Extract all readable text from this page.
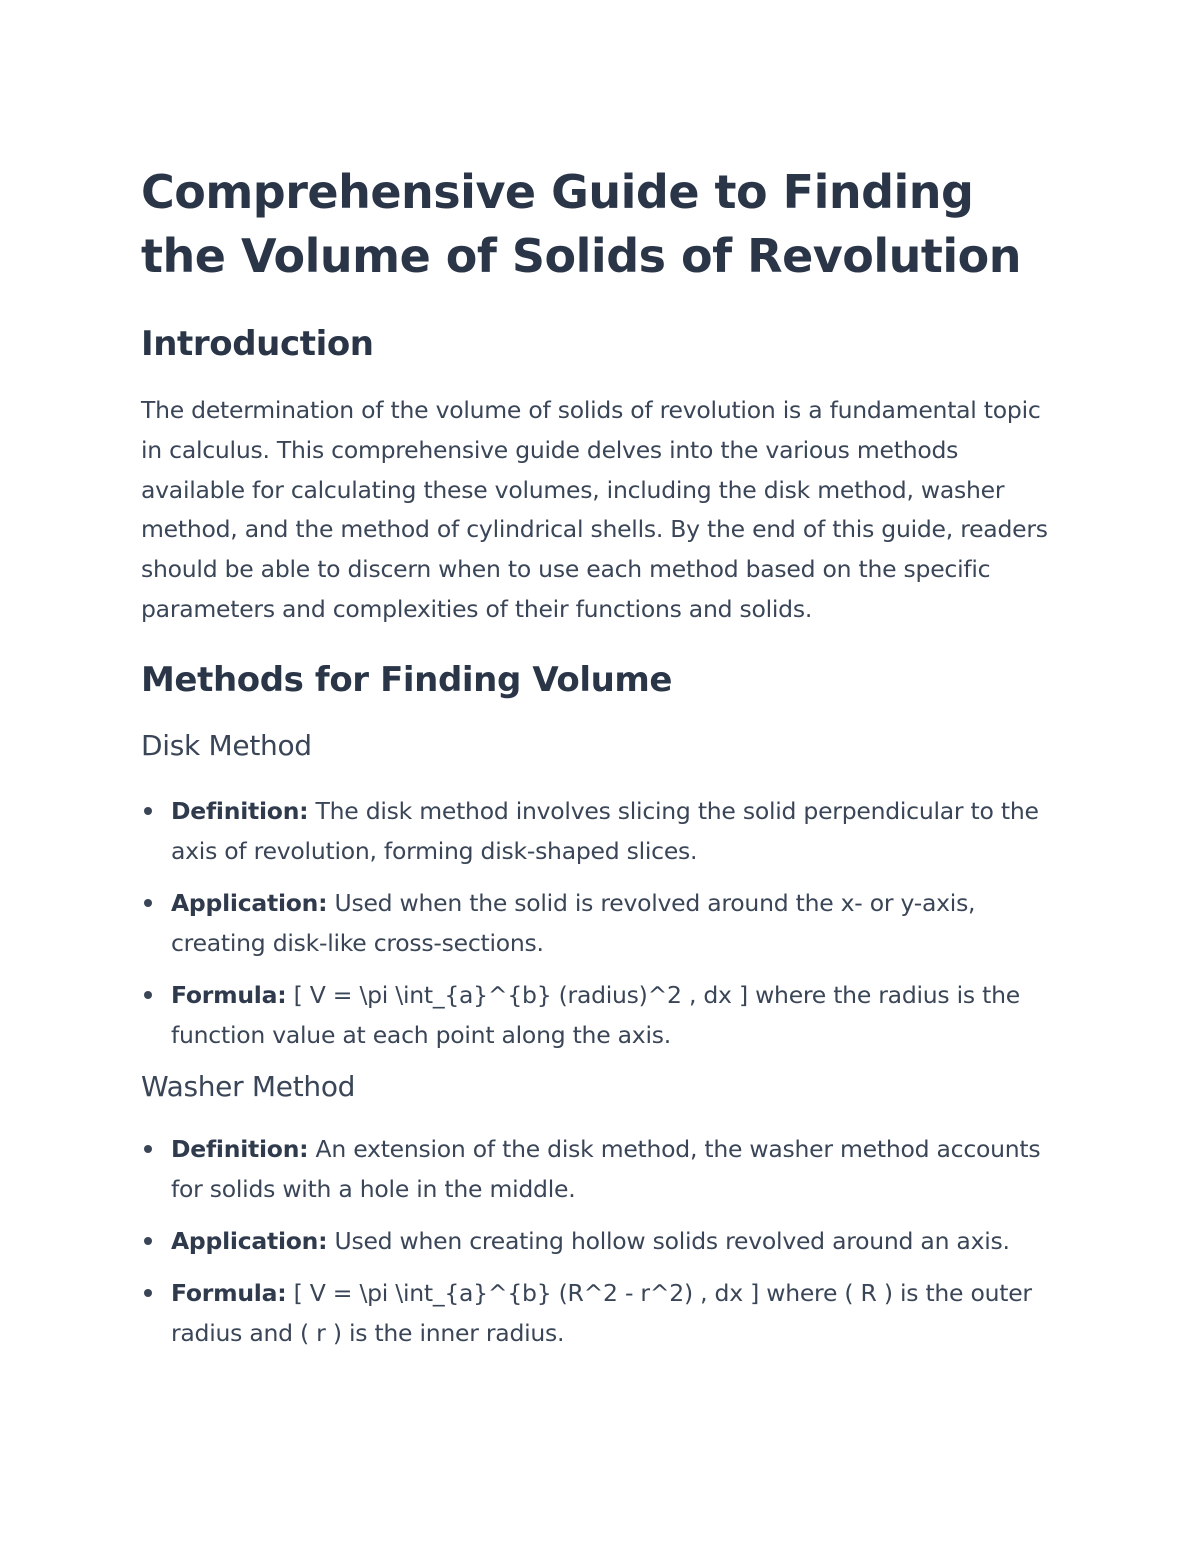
Comprehensive Guide to Finding the Volume of Solids of Revolution
Introduction

The determination of the volume of solids of revolution is a fundamental topic in calculus. This comprehensive guide delves into the various methods available for calculating these volumes, including the disk method, washer method, and the method of cylindrical shells. By the end of this guide, readers should be able to discern when to use each method based on the specific parameters and complexities of their functions and solids.

Methods for Finding Volume
Disk Method
Definition: The disk method involves slicing the solid perpendicular to the axis of revolution, forming disk-shaped slices.
Application: Used when the solid is revolved around the x- or y-axis, creating disk-like cross-sections.
Formula: [ V = \pi \int_{a}^{b} (radius)^2 , dx ] where the radius is the function value at each point along the axis.
Washer Method
Definition: An extension of the disk method, the washer method accounts for solids with a hole in the middle.
Application: Used when creating hollow solids revolved around an axis.
Formula: [ V = \pi \int_{a}^{b} (R^2 - r^2) , dx ] where ( R ) is the outer radius and ( r ) is the inner radius.
